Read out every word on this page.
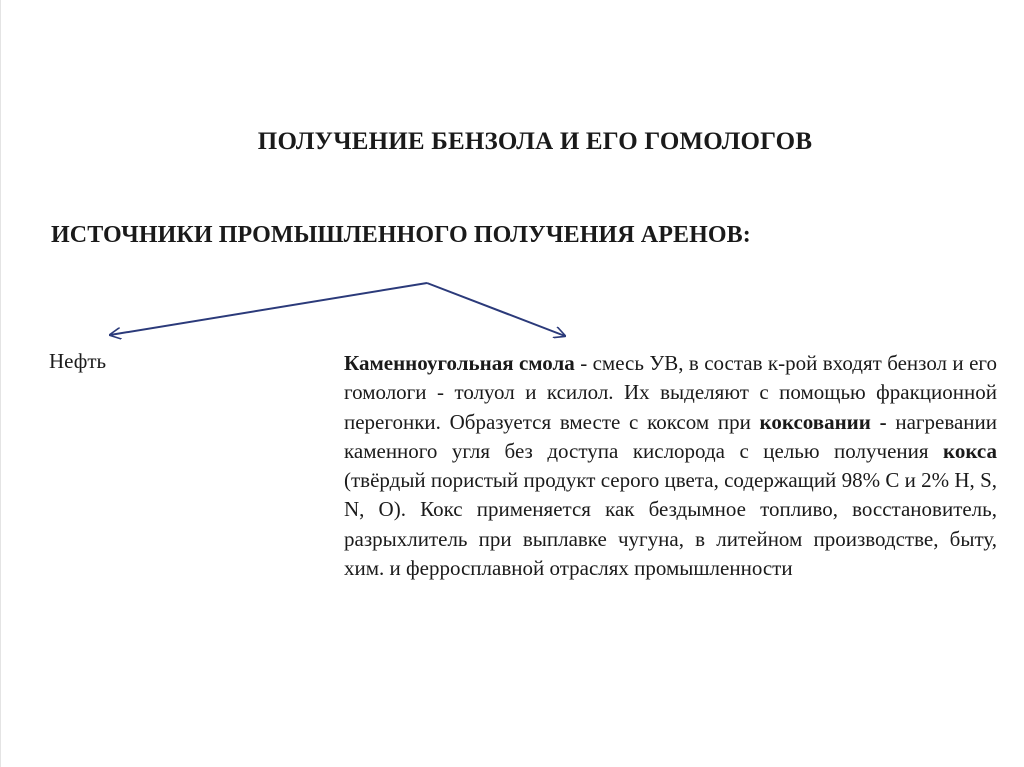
ПОЛУЧЕНИЕ БЕНЗОЛА И ЕГО ГОМОЛОГОВ
ИСТОЧНИКИ ПРОМЫШЛЕННОГО ПОЛУЧЕНИЯ АРЕНОВ:

Нефть	Каменноугольная смола - смесь УВ, в состав к-рой входят бензол и его гомологи - толуол и ксилол. Их выделяют с помощью фракционной перегонки. Образуется вместе с коксом при коксовании - нагревании каменного угля без доступа кислорода с целью получения кокса (твёрдый пористый продукт серого цвета, содержащий 98% С и 2% Н, S, N, О). Кокс применяется как бездымное топливо, восстановитель, разрыхлитель при выплавке чугуна, в литейном производстве, быту, хим. и ферросплавной отраслях промышленности
